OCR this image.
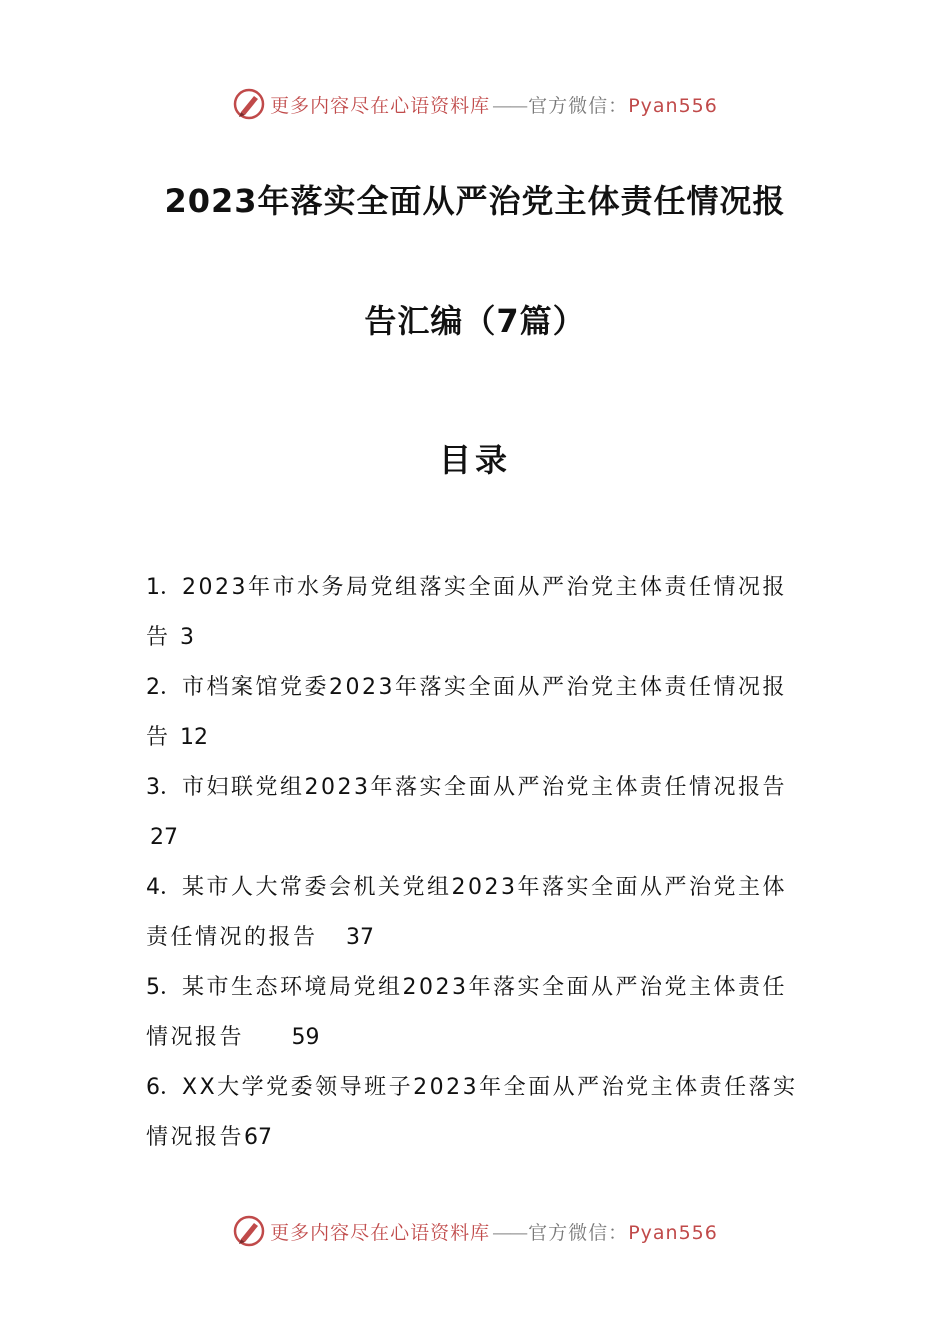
更多内容尽在心语资料库 —— 官方微信：Pyan556
2023年落实全面从严治党主体责任情况报
告汇编（7篇）
目录
1．2023年市水务局党组落实全面从严治党主体责任情况报告 3
2．市档案馆党委2023年落实全面从严治党主体责任情况报告 12
3．市妇联党组2023年落实全面从严治党主体责任情况报告 27
4．某市人大常委会机关党组2023年落实全面从严治党主体责任情况的报告 37
5．某市生态环境局党组2023年落实全面从严治党主体责任情况报告 59
6．XX大学党委领导班子2023年全面从严治党主体责任落实情况报告67
更多内容尽在心语资料库 —— 官方微信：Pyan556
